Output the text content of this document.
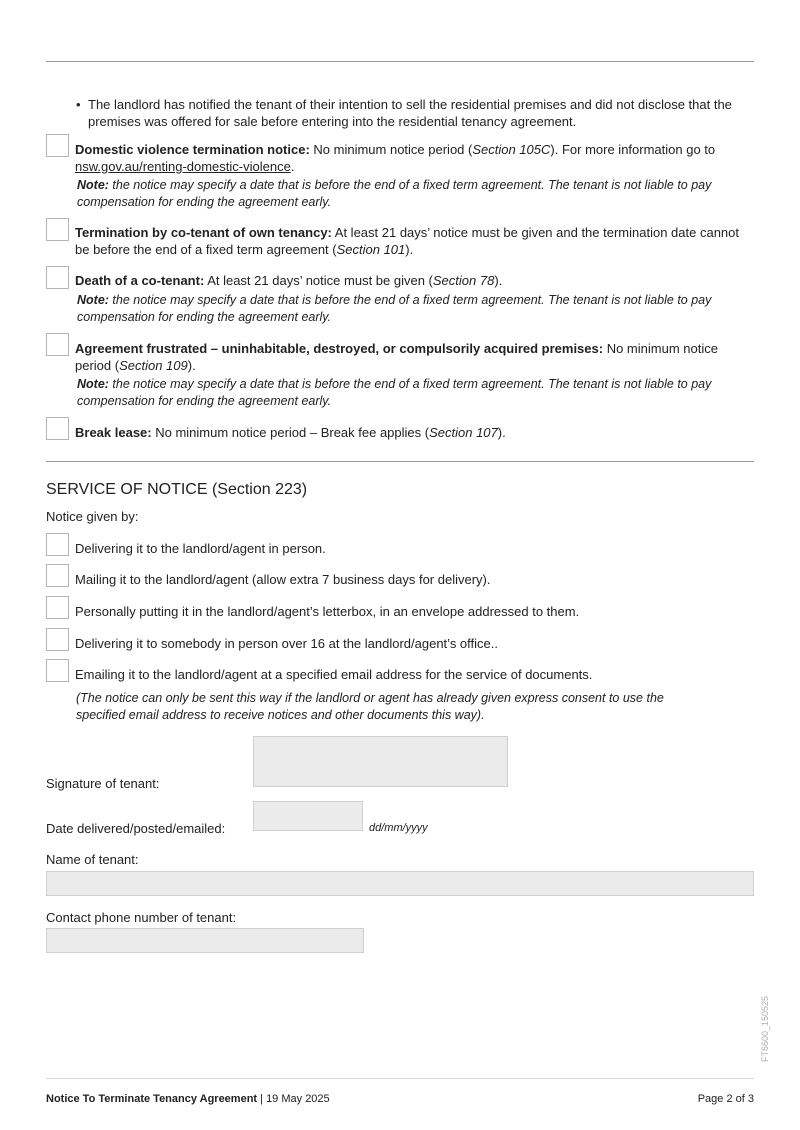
• The landlord has notified the tenant of their intention to sell the residential premises and did not disclose that the premises was offered for sale before entering into the residential tenancy agreement.
Domestic violence termination notice: No minimum notice period (Section 105C). For more information go to nsw.gov.au/renting-domestic-violence.
Note: the notice may specify a date that is before the end of a fixed term agreement. The tenant is not liable to pay compensation for ending the agreement early.
Termination by co-tenant of own tenancy: At least 21 days’ notice must be given and the termination date cannot be before the end of a fixed term agreement (Section 101).
Death of a co-tenant: At least 21 days’ notice must be given (Section 78).
Note: the notice may specify a date that is before the end of a fixed term agreement. The tenant is not liable to pay compensation for ending the agreement early.
Agreement frustrated – uninhabitable, destroyed, or compulsorily acquired premises: No minimum notice period (Section 109).
Note: the notice may specify a date that is before the end of a fixed term agreement. The tenant is not liable to pay compensation for ending the agreement early.
Break lease: No minimum notice period – Break fee applies (Section 107).
SERVICE OF NOTICE (Section 223)
Notice given by:
Delivering it to the landlord/agent in person.
Mailing it to the landlord/agent (allow extra 7 business days for delivery).
Personally putting it in the landlord/agent’s letterbox, in an envelope addressed to them.
Delivering it to somebody in person over 16 at the landlord/agent’s office..
Emailing it to the landlord/agent at a specified email address for the service of documents.
(The notice can only be sent this way if the landlord or agent has already given express consent to use the specified email address to receive notices and other documents this way).
Signature of tenant:
Date delivered/posted/emailed:	dd/mm/yyyy
Name of tenant:
Contact phone number of tenant:
FT6600_150525
Notice To Terminate Tenancy Agreement | 19 May 2025	Page 2 of 3
